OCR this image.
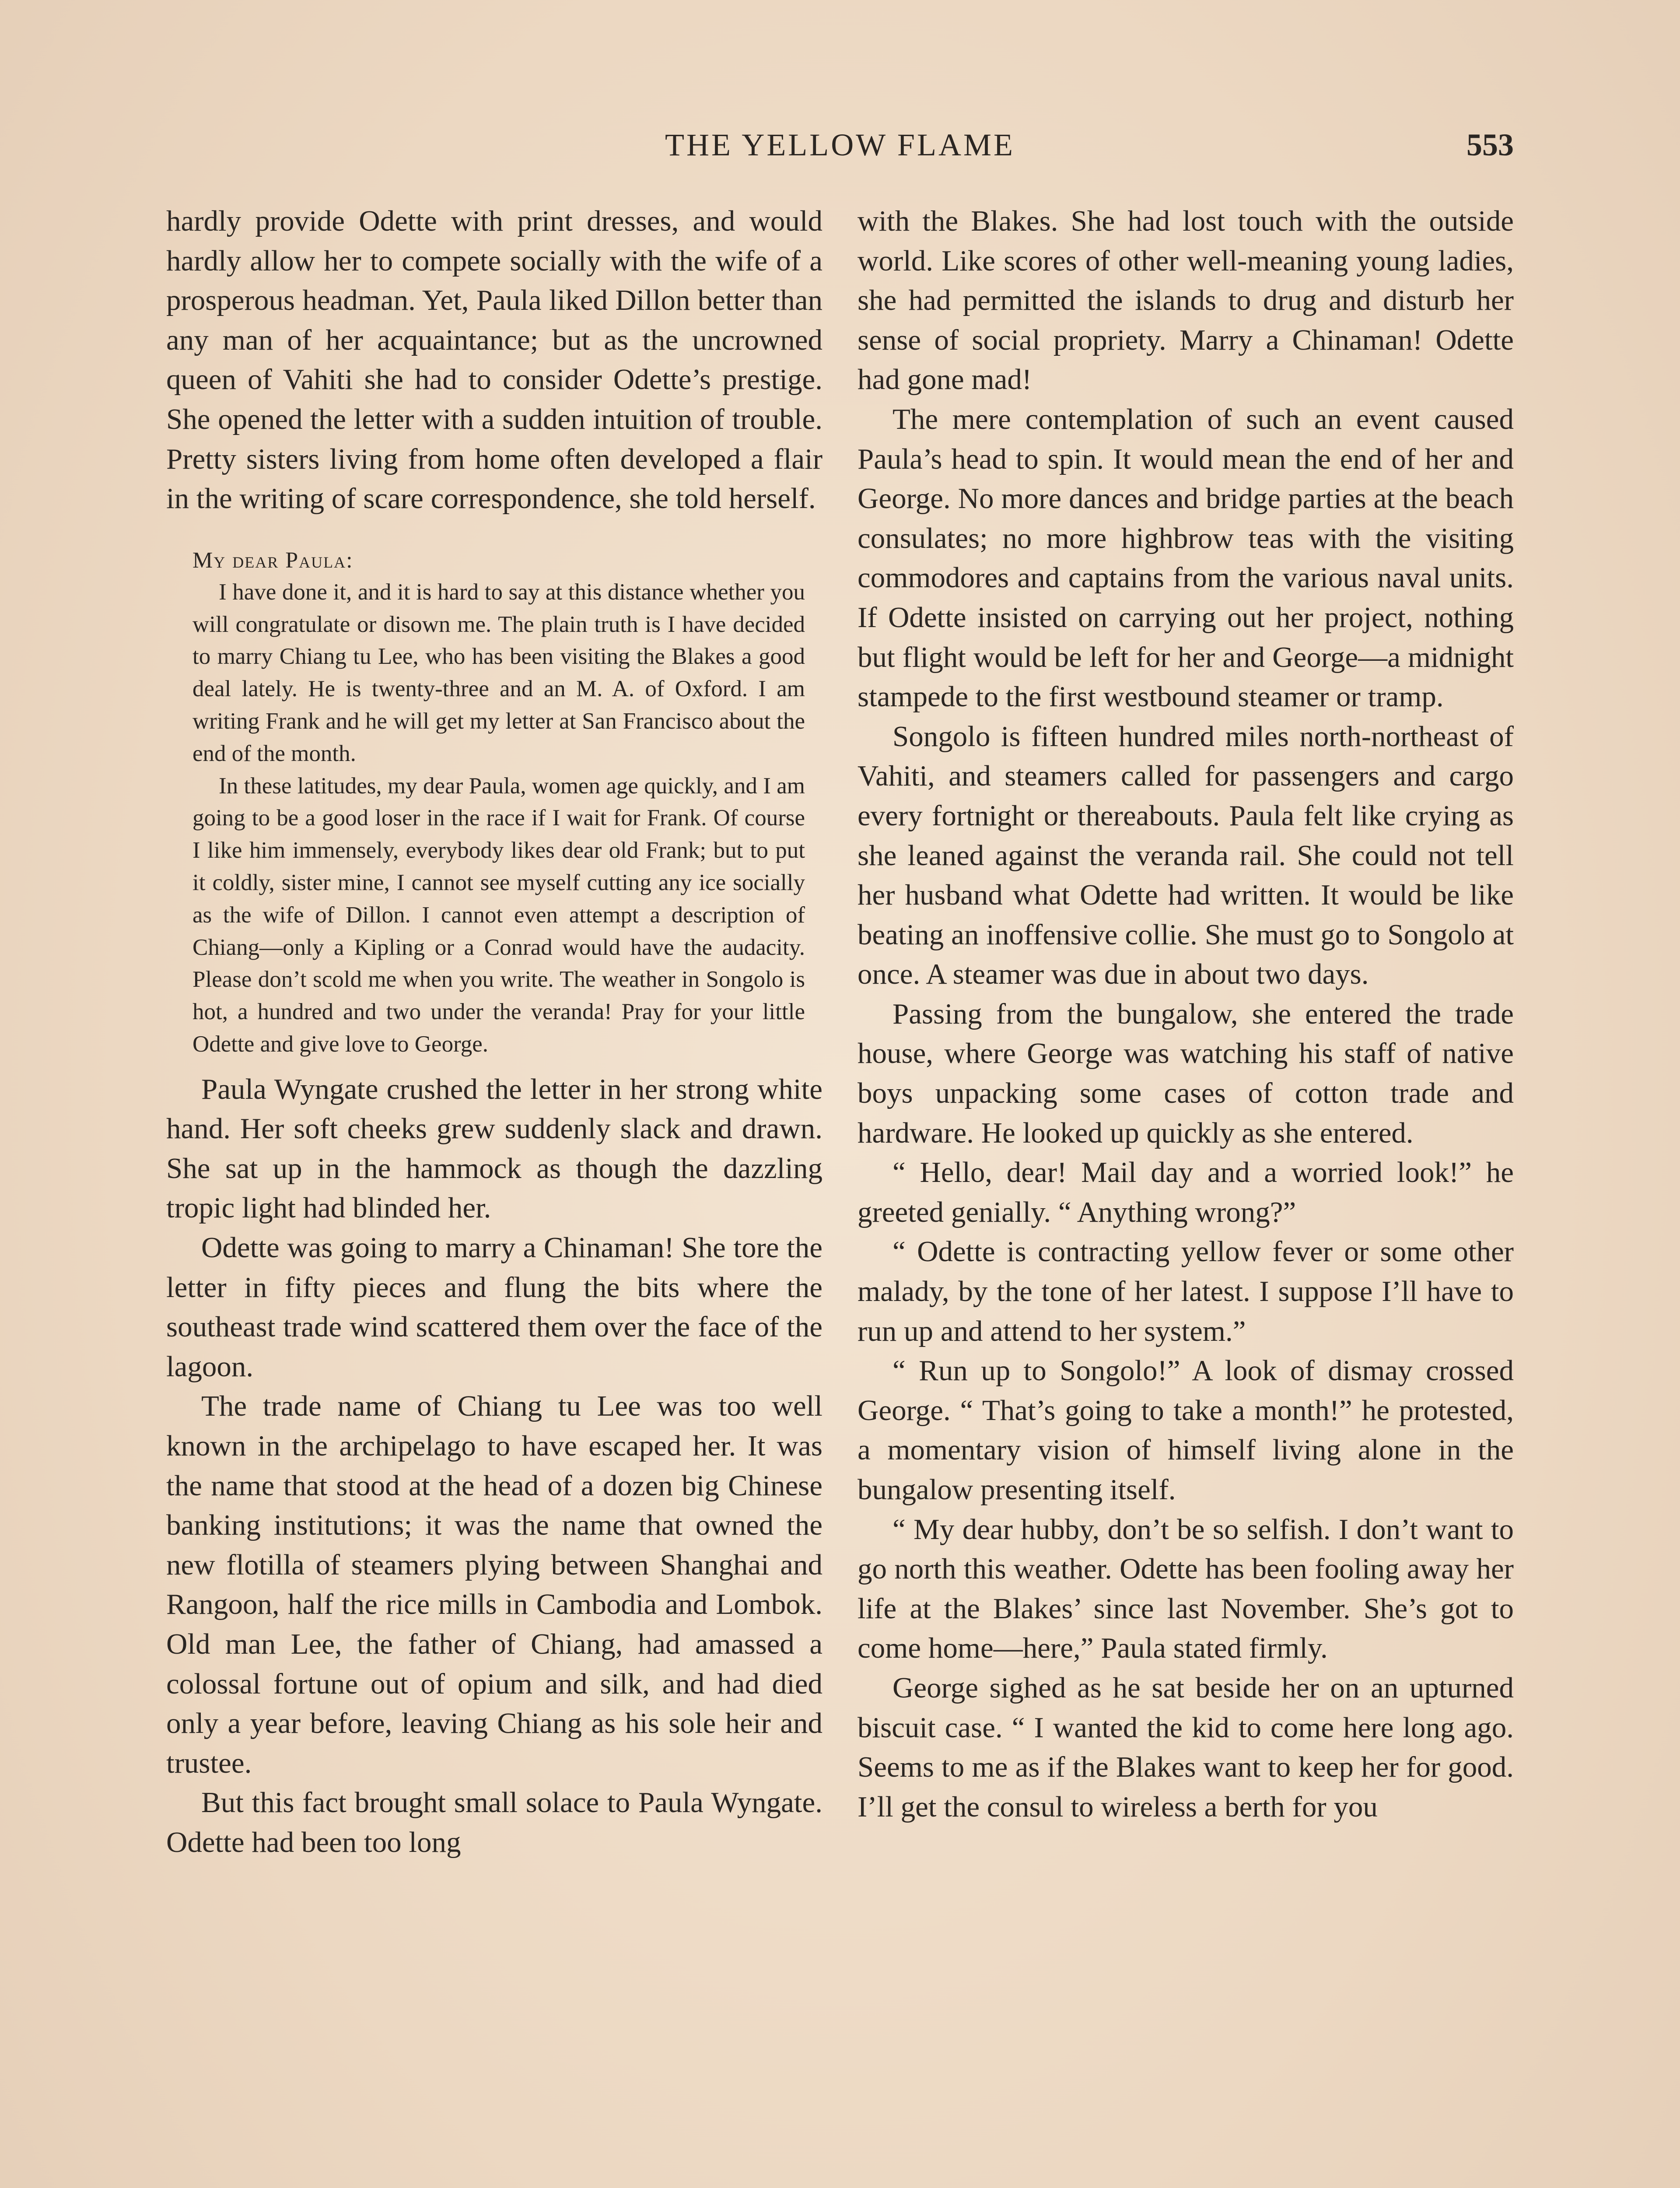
THE YELLOW FLAME	553

hardly provide Odette with print dresses, and would hardly allow her to compete socially with the wife of a prosperous headman. Yet, Paula liked Dillon better than any man of her acquaintance; but as the uncrowned queen of Vahiti she had to consider Odette’s prestige. She opened the letter with a sudden intuition of trouble. Pretty sisters living from home often developed a flair in the writing of scare correspondence, she told herself.

My dear Paula:

I have done it, and it is hard to say at this distance whether you will congratulate or disown me. The plain truth is I have decided to marry Chiang tu Lee, who has been visiting the Blakes a good deal lately. He is twenty-three and an M. A. of Oxford. I am writing Frank and he will get my letter at San Francisco about the end of the month.

In these latitudes, my dear Paula, women age quickly, and I am going to be a good loser in the race if I wait for Frank. Of course I like him immensely, everybody likes dear old Frank; but to put it coldly, sister mine, I cannot see myself cutting any ice socially as the wife of Dillon. I cannot even attempt a description of Chiang—only a Kipling or a Conrad would have the audacity. Please don’t scold me when you write. The weather in Songolo is hot, a hundred and two under the veranda! Pray for your little Odette and give love to George.

Paula Wyngate crushed the letter in her strong white hand. Her soft cheeks grew suddenly slack and drawn. She sat up in the hammock as though the dazzling tropic light had blinded her.

Odette was going to marry a Chinaman! She tore the letter in fifty pieces and flung the bits where the southeast trade wind scattered them over the face of the lagoon.

The trade name of Chiang tu Lee was too well known in the archipelago to have escaped her. It was the name that stood at the head of a dozen big Chinese banking institutions; it was the name that owned the new flotilla of steamers plying between Shanghai and Rangoon, half the rice mills in Cambodia and Lombok. Old man Lee, the father of Chiang, had amassed a colossal fortune out of opium and silk, and had died only a year before, leaving Chiang as his sole heir and trustee.

But this fact brought small solace to Paula Wyngate. Odette had been too long

with the Blakes. She had lost touch with the outside world. Like scores of other well-meaning young ladies, she had permitted the islands to drug and disturb her sense of social propriety. Marry a Chinaman! Odette had gone mad!

The mere contemplation of such an event caused Paula’s head to spin. It would mean the end of her and George. No more dances and bridge parties at the beach consulates; no more highbrow teas with the visiting commodores and captains from the various naval units. If Odette insisted on carrying out her project, nothing but flight would be left for her and George—a midnight stampede to the first westbound steamer or tramp.

Songolo is fifteen hundred miles north-northeast of Vahiti, and steamers called for passengers and cargo every fortnight or thereabouts. Paula felt like crying as she leaned against the veranda rail. She could not tell her husband what Odette had written. It would be like beating an inoffensive collie. She must go to Songolo at once. A steamer was due in about two days.

Passing from the bungalow, she entered the trade house, where George was watching his staff of native boys unpacking some cases of cotton trade and hardware. He looked up quickly as she entered.

“ Hello, dear! Mail day and a worried look!” he greeted genially. “ Anything wrong?”

“ Odette is contracting yellow fever or some other malady, by the tone of her latest. I suppose I’ll have to run up and attend to her system.”

“ Run up to Songolo!” A look of dismay crossed George. “ That’s going to take a month!” he protested, a momentary vision of himself living alone in the bungalow presenting itself.

“ My dear hubby, don’t be so selfish. I don’t want to go north this weather. Odette has been fooling away her life at the Blakes’ since last November. She’s got to come home—here,” Paula stated firmly.

George sighed as he sat beside her on an upturned biscuit case. “ I wanted the kid to come here long ago. Seems to me as if the Blakes want to keep her for good. I’ll get the consul to wireless a berth for you
